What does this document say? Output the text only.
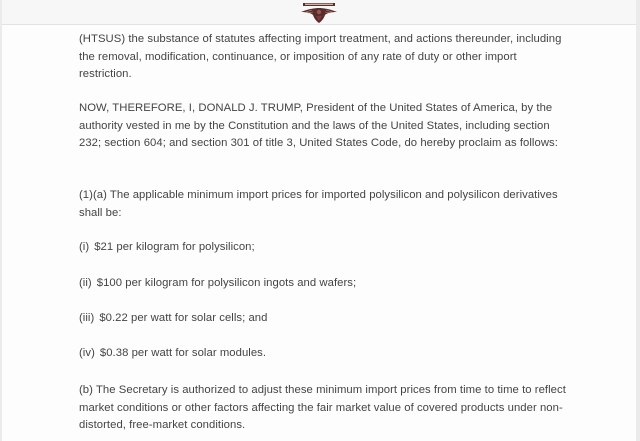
(HTSUS) the substance of statutes affecting import treatment, and actions thereunder, including the removal, modification, continuance, or imposition of any rate of duty or other import restriction.

NOW, THEREFORE, I, DONALD J. TRUMP, President of the United States of America, by the authority vested in me by the Constitution and the laws of the United States, including section 232; section 604; and section 301 of title 3, United States Code, do hereby proclaim as follows:

(1)(a) The applicable minimum import prices for imported polysilicon and polysilicon derivatives shall be:

(i) $21 per kilogram for polysilicon;

(ii) $100 per kilogram for polysilicon ingots and wafers;

(iii) $0.22 per watt for solar cells; and

(iv) $0.38 per watt for solar modules.

(b) The Secretary is authorized to adjust these minimum import prices from time to time to reflect market conditions or other factors affecting the fair market value of covered products under non-distorted, free-market conditions.
